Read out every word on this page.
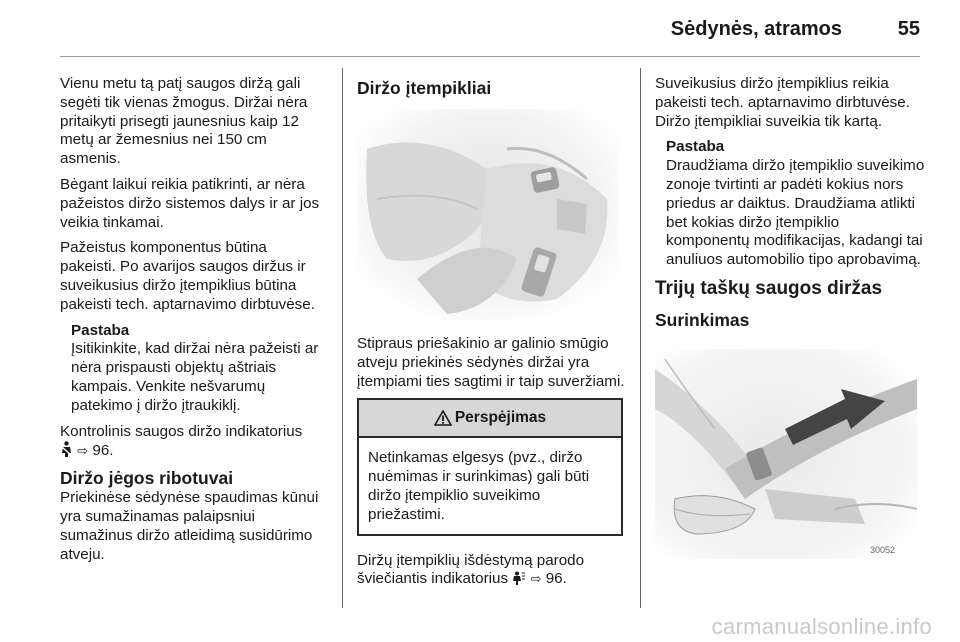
Sėdynės, atramos	55

Vienu metu tą patį saugos diržą gali segėti tik vienas žmogus. Diržai nėra pritaikyti prisegti jaunesnius kaip 12 metų ar žemesnius nei 150 cm asmenis.

Bėgant laikui reikia patikrinti, ar nėra pažeistos diržo sistemos dalys ir ar jos veikia tinkamai.

Pažeistus komponentus būtina pakeisti. Po avarijos saugos diržus ir suveikusius diržo įtempiklius būtina pakeisti tech. aptarnavimo dirbtuvėse.

Pastaba
Įsitikinkite, kad diržai nėra pažeisti ar nėra prispausti objektų aštriais kampais. Venkite nešvarumų patekimo į diržo įtraukiklį.

Kontrolinis saugos diržo indikatorius
⇨ 96.

Diržo jėgos ribotuvai

Priekinėse sėdynėse spaudimas kūnui yra sumažinamas palaipsniui sumažinus diržo atleidimą susidūrimo atveju.

Diržo įtempikliai

Stipraus priešakinio ar galinio smūgio atveju priekinės sėdynės diržai yra įtempiami ties sagtimi ir taip suveržiami.

Perspėjimas
Netinkamas elgesys (pvz., diržo nuėmimas ir surinkimas) gali būti diržo įtempiklio suveikimo priežastimi.

Diržų įtempiklių išdėstymą parodo šviečiantis indikatorius ⇨ 96.

Suveikusius diržo įtempiklius reikia pakeisti tech. aptarnavimo dirbtuvėse. Diržo įtempikliai suveikia tik kartą.

Pastaba
Draudžiama diržo įtempiklio suveikimo zonoje tvirtinti ar padėti kokius nors priedus ar daiktus. Draudžiama atlikti bet kokias diržo įtempiklio komponentų modifikacijas, kadangi tai anuliuos automobilio tipo aprobavimą.
Trijų taškų saugos diržas
Surinkimas
30052
carmanualsonline.info
